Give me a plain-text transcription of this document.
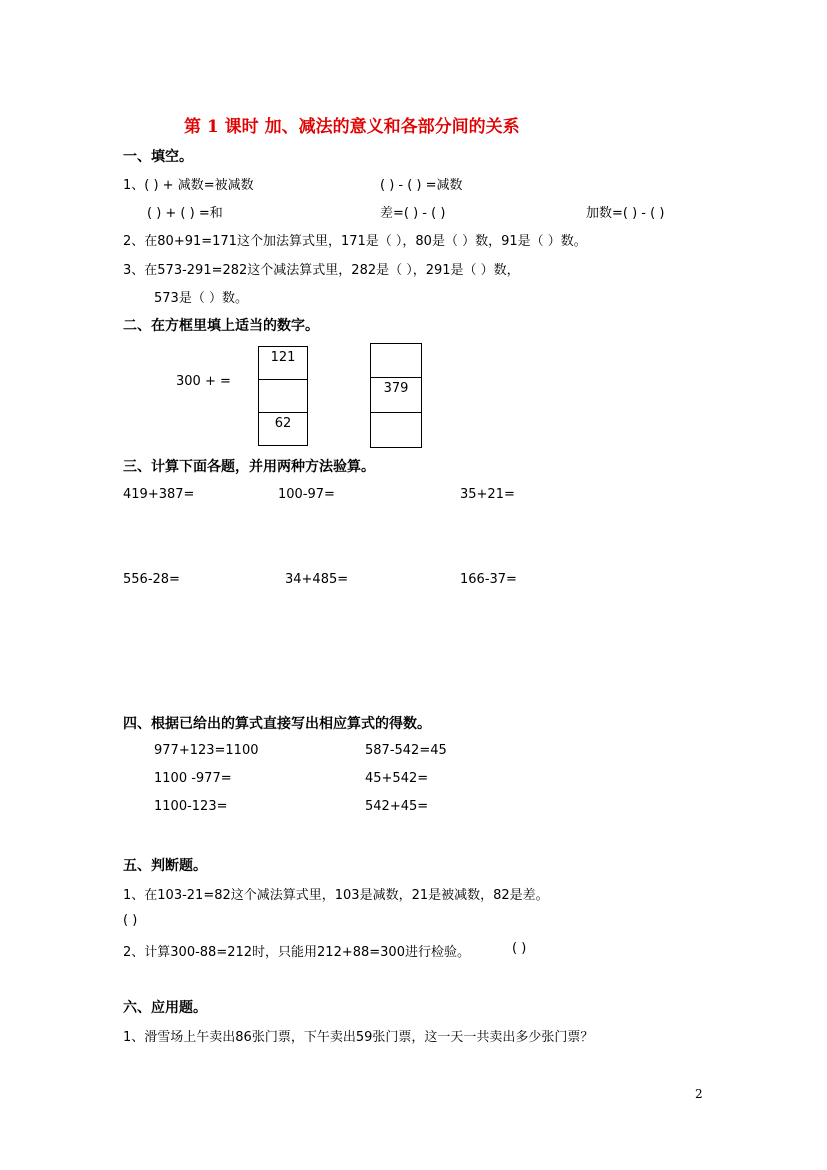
第 1 课时 加、减法的意义和各部分间的关系
一、填空。
1、( ) + 减数=被减数	( ) - ( ) =减数
( ) + ( ) =和	差=( ) - ( )	加数=( ) - ( )
2、在80+91=171这个加法算式里，171是（ ），80是（ ）数，91是（ ）数。
3、在573-291=282这个减法算式里，282是（ ），291是（ ）数，
573是（ ）数。
二、在方框里填上适当的数字。
300 + =
121
62
379
三、计算下面各题，并用两种方法验算。
419+387=	100-97=	35+21=
556-28=	34+485=	166-37=
四、根据已给出的算式直接写出相应算式的得数。
977+123=1100
1100 -977=
1100-123=
587-542=45
45+542=
542+45=
五、判断题。
1、在103-21=82这个减法算式里，103是减数，21是被减数，82是差。
( )
2、计算300-88=212时，只能用212+88=300进行检验。	( )
六、应用题。
1、滑雪场上午卖出86张门票，下午卖出59张门票，这一天一共卖出多少张门票？
2
